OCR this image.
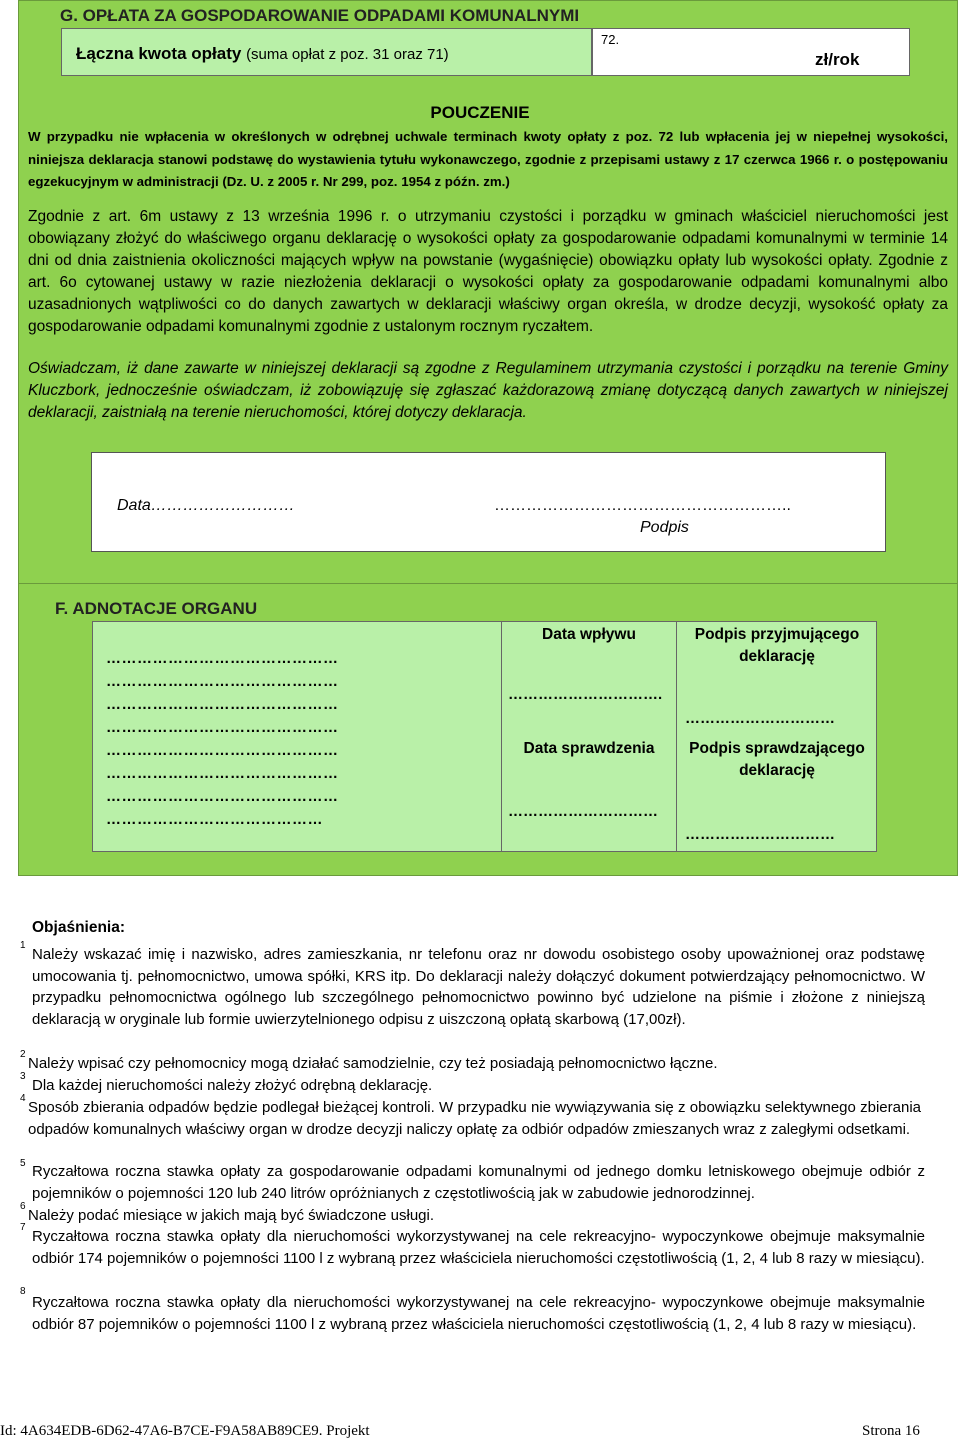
G. OPŁATA ZA GOSPODAROWANIE ODPADAMI KOMUNALNYMI
Łączna kwota opłaty (suma opłat z poz. 31 oraz 71)
72.
zł/rok
POUCZENIE
W przypadku nie wpłacenia w określonych w odrębnej uchwale terminach kwoty opłaty z poz. 72 lub wpłacenia jej w niepełnej wysokości, niniejsza deklaracja stanowi podstawę do wystawienia tytułu wykonawczego, zgodnie z przepisami ustawy z 17 czerwca 1966 r. o postępowaniu egzekucyjnym w administracji (Dz. U. z 2005 r. Nr 299, poz. 1954 z późn. zm.)
Zgodnie z art. 6m ustawy z 13 września 1996 r. o utrzymaniu czystości i porządku w gminach właściciel nieruchomości jest obowiązany złożyć do właściwego organu deklarację o wysokości opłaty za gospodarowanie odpadami komunalnymi w terminie 14 dni od dnia zaistnienia okoliczności mających wpływ na powstanie (wygaśnięcie) obowiązku opłaty lub wysokości opłaty. Zgodnie z art. 6o cytowanej ustawy w razie niezłożenia deklaracji o wysokości opłaty za gospodarowanie odpadami komunalnymi albo uzasadnionych wątpliwości co do danych zawartych w deklaracji właściwy organ określa, w drodze decyzji, wysokość opłaty za gospodarowanie odpadami komunalnymi zgodnie z ustalonym rocznym ryczałtem.
Oświadczam, iż dane zawarte w niniejszej deklaracji są zgodne z Regulaminem utrzymania czystości i porządku na terenie Gminy Kluczbork, jednocześnie oświadczam, iż zobowiązuję się zgłaszać każdorazową zmianę dotyczącą danych zawartych w niniejszej deklaracji, zaistniałą na terenie nieruchomości, której dotyczy deklaracja.
Data………………………	………………………………………………..
Podpis
F. ADNOTACJE ORGANU
………………………………………
………………………………………
………………………………………
………………………………………
………………………………………
………………………………………
………………………………………
……………………………………
Data wpływu
………………………….
Podpis przyjmującego deklarację
…………………………
Data sprawdzenia
…………………………
Podpis sprawdzającego deklarację
…………………………
Objaśnienia:
1
Należy wskazać imię i nazwisko, adres zamieszkania, nr telefonu oraz nr dowodu osobistego osoby upoważnionej oraz podstawę umocowania tj. pełnomocnictwo, umowa spółki, KRS itp. Do deklaracji należy dołączyć dokument potwierdzający pełnomocnictwo. W przypadku pełnomocnictwa ogólnego lub szczególnego pełnomocnictwo powinno być udzielone na piśmie i złożone z niniejszą deklaracją w oryginale lub formie uwierzytelnionego odpisu z uiszczoną opłatą skarbową (17,00zł).
2
Należy wpisać czy pełnomocnicy mogą działać samodzielnie, czy też posiadają pełnomocnictwo łączne.
3
Dla każdej nieruchomości należy złożyć odrębną deklarację.
4
Sposób zbierania odpadów będzie podlegał bieżącej kontroli. W przypadku nie wywiązywania się z obowiązku selektywnego zbierania odpadów komunalnych właściwy organ w drodze decyzji naliczy opłatę za odbiór odpadów zmieszanych wraz z zaległymi odsetkami.
5 Ryczałtowa roczna stawka opłaty za gospodarowanie odpadami komunalnymi od jednego domku letniskowego obejmuje odbiór z pojemników o pojemności 120 lub 240 litrów opróżnianych z częstotliwością jak w zabudowie jednorodzinnej.
6
Należy podać miesiące w jakich mają być świadczone usługi.
7
Ryczałtowa roczna stawka opłaty dla nieruchomości wykorzystywanej na cele rekreacyjno- wypoczynkowe obejmuje maksymalnie odbiór 174 pojemników o pojemności 1100 l z wybraną przez właściciela nieruchomości częstotliwością (1, 2, 4 lub 8 razy w miesiącu).
8
Ryczałtowa roczna stawka opłaty dla nieruchomości wykorzystywanej na cele rekreacyjno- wypoczynkowe obejmuje maksymalnie odbiór 87 pojemników o pojemności 1100 l z wybraną przez właściciela nieruchomości częstotliwością (1, 2, 4 lub 8 razy w miesiącu).
Id: 4A634EDB-6D62-47A6-B7CE-F9A58AB89CE9. Projekt	Strona 16
